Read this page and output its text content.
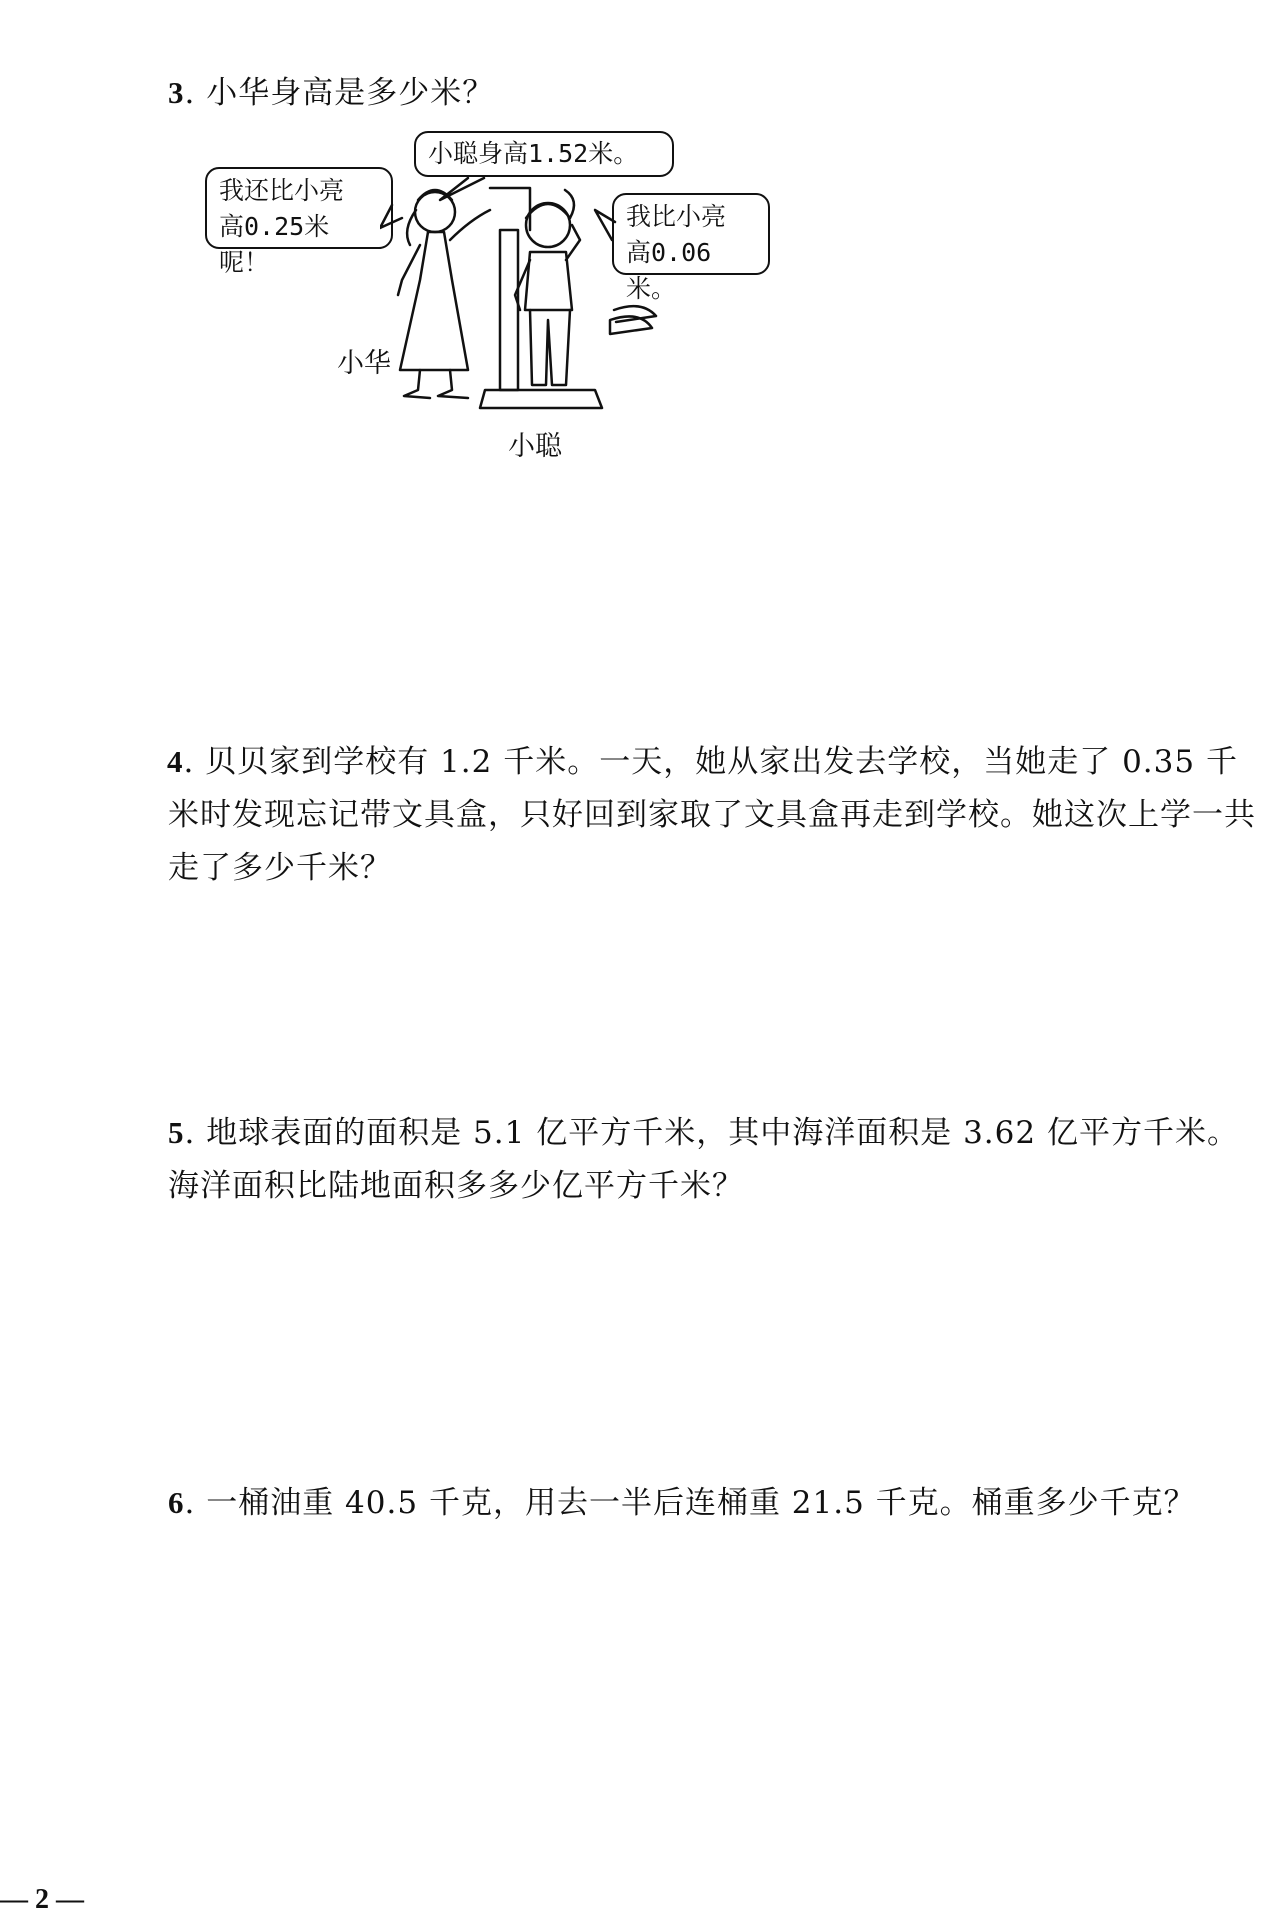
3. 小华身高是多少米？
我还比小亮
高0.25米呢！
小聪身高1.52米。
我比小亮
高0.06米。
小华
小聪
4. 贝贝家到学校有 1.2 千米。一天，她从家出发去学校，当她走了 0.35 千米时发现忘记带文具盒，只好回到家取了文具盒再走到学校。她这次上学一共走了多少千米？
5. 地球表面的面积是 5.1 亿平方千米，其中海洋面积是 3.62 亿平方千米。海洋面积比陆地面积多多少亿平方千米？
6. 一桶油重 40.5 千克，用去一半后连桶重 21.5 千克。桶重多少千克？
— 2 —
